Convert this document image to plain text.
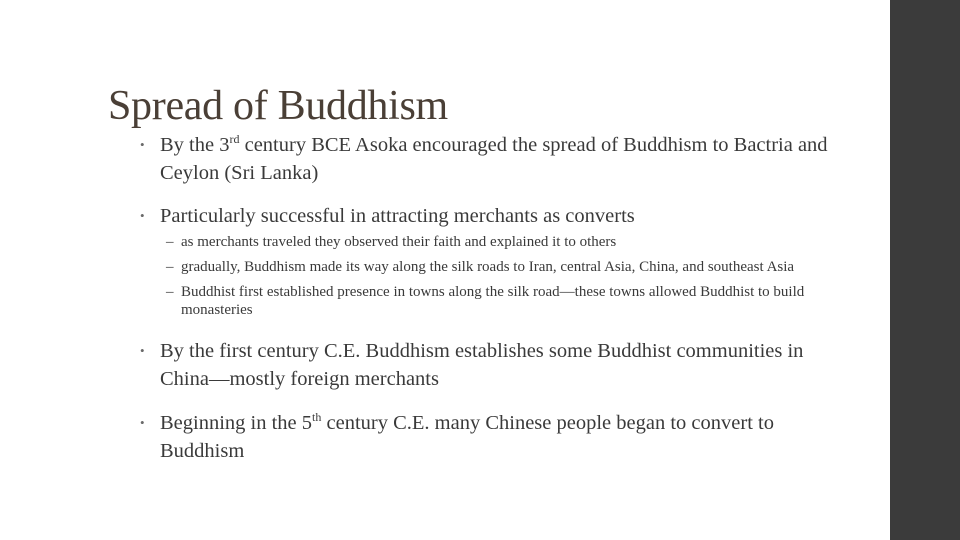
Spread of Buddhism
• By the 3rd century BCE Asoka encouraged the spread of Buddhism to Bactria and Ceylon (Sri Lanka)
• Particularly successful in attracting merchants as converts
– as merchants traveled they observed their faith and explained it to others
– gradually, Buddhism made its way along the silk roads to Iran, central Asia, China, and southeast Asia
– Buddhist first established presence in towns along the silk road—these towns allowed Buddhist to build monasteries
• By the first century C.E. Buddhism establishes some Buddhist communities in China—mostly foreign merchants
• Beginning in the 5th century C.E. many Chinese people began to convert to Buddhism
